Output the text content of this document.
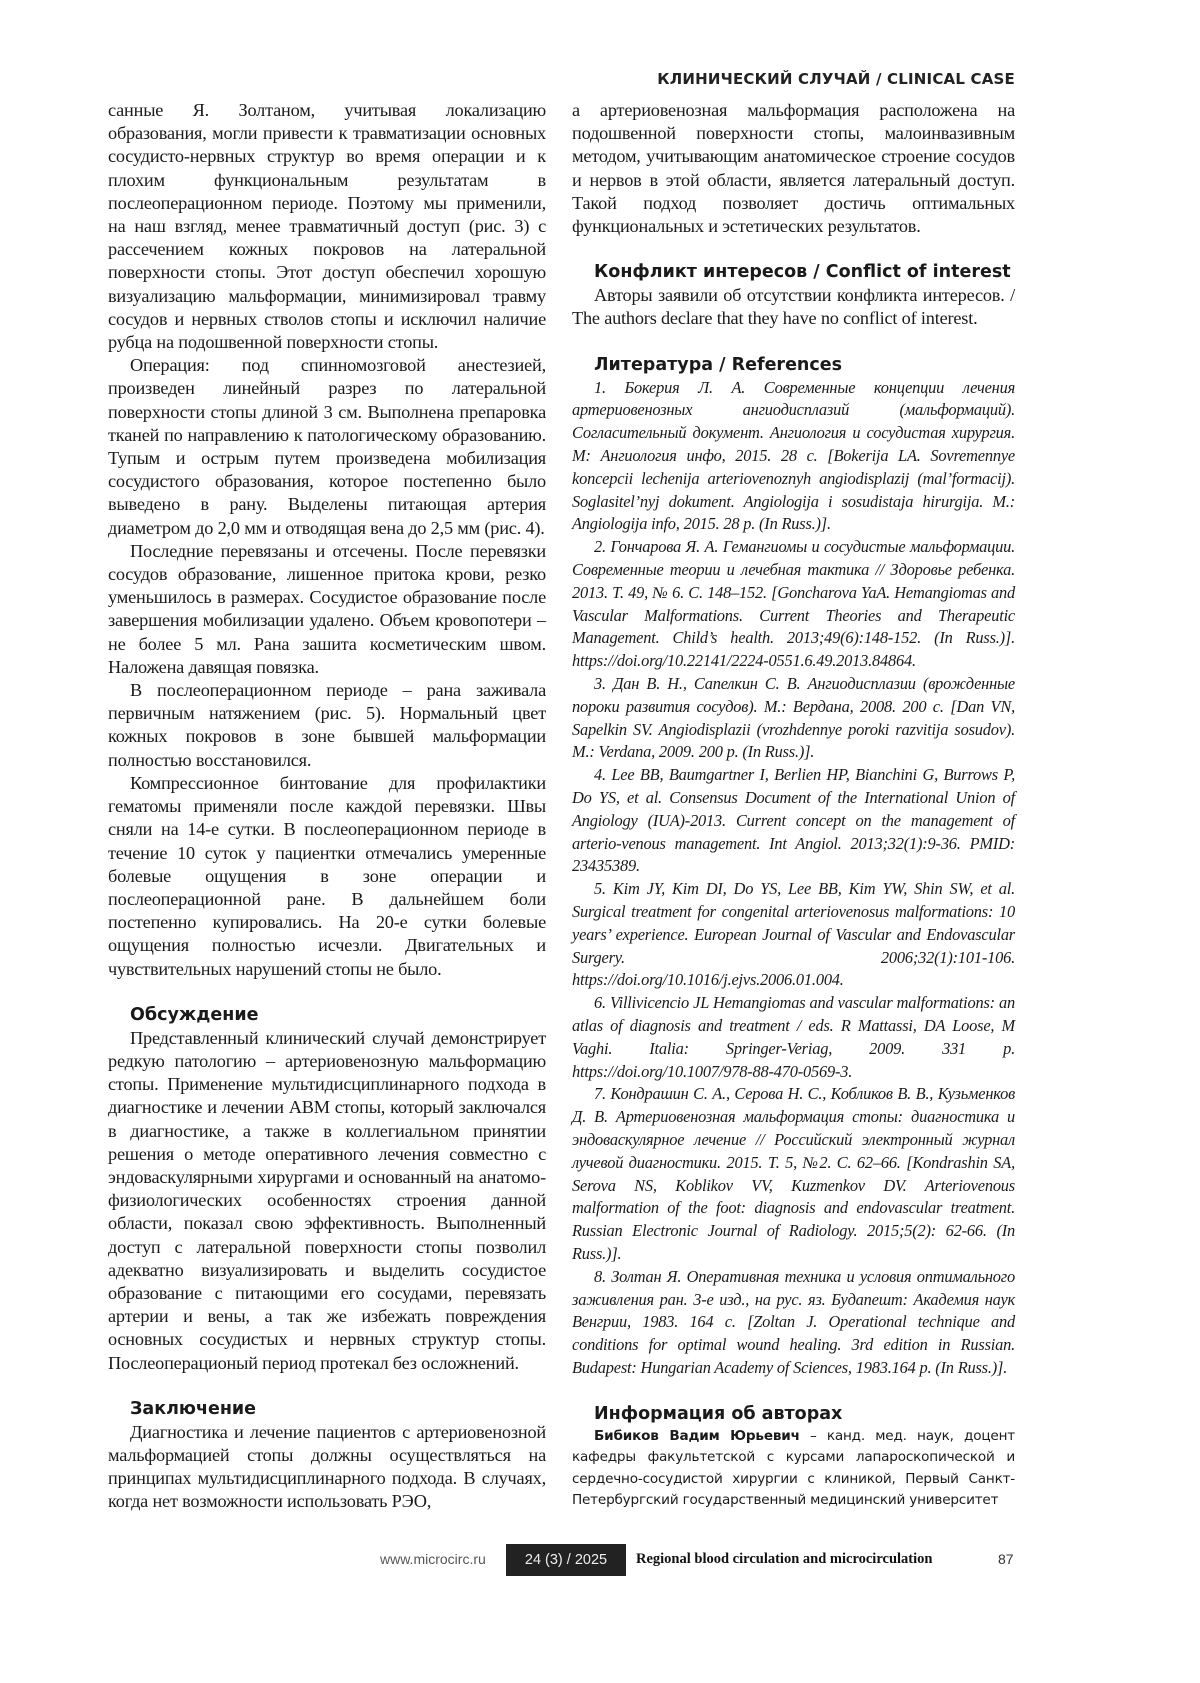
КЛИНИЧЕСКИЙ СЛУЧАЙ / CLINICAL CASE

санные Я. Золтаном, учитывая локализацию образования, могли привести к травматизации основных сосудисто-нервных структур во время операции и к плохим функциональным результатам в послеоперационном периоде. Поэтому мы применили, на наш взгляд, менее травматичный доступ (рис. 3) с рассечением кожных покровов на латеральной поверхности стопы. Этот доступ обеспечил хорошую визуализацию мальформации, минимизировал травму сосудов и нервных стволов стопы и исключил наличие рубца на подошвенной поверхности стопы.

Операция: под спинномозговой анестезией, произведен линейный разрез по латеральной поверхности стопы длиной 3 см. Выполнена препаровка тканей по направлению к патологическому образованию. Тупым и острым путем произведена мобилизация сосудистого образования, которое постепенно было выведено в рану. Выделены питающая артерия диаметром до 2,0 мм и отводящая вена до 2,5 мм (рис. 4).

Последние перевязаны и отсечены. После перевязки сосудов образование, лишенное притока крови, резко уменьшилось в размерах. Сосудистое образование после завершения мобилизации удалено. Объем кровопотери – не более 5 мл. Рана зашита косметическим швом. Наложена давящая повязка.

В послеоперационном периоде – рана заживала первичным натяжением (рис. 5). Нормальный цвет кожных покровов в зоне бывшей мальформации полностью восстановился.

Компрессионное бинтование для профилактики гематомы применяли после каждой перевязки. Швы сняли на 14-е сутки. В послеоперационном периоде в течение 10 суток у пациентки отмечались умеренные болевые ощущения в зоне операции и послеоперационной ране. В дальнейшем боли постепенно купировались. На 20-е сутки болевые ощущения полностью исчезли. Двигательных и чувствительных нарушений стопы не было.

Обсуждение

Представленный клинический случай демонстрирует редкую патологию – артериовенозную мальформацию стопы. Применение мультидисциплинарного подхода в диагностике и лечении АВМ стопы, который заключался в диагностике, а также в коллегиальном принятии решения о методе оперативного лечения совместно с эндоваскулярными хирургами и основанный на анатомо-физиологических особенностях строения данной области, показал свою эффективность. Выполненный доступ с латеральной поверхности стопы позволил адекватно визуализировать и выделить сосудистое образование с питающими его сосудами, перевязать артерии и вены, а так же избежать повреждения основных сосудистых и нервных структур стопы. Послеоперационый период протекал без осложнений.

Заключение

Диагностика и лечение пациентов с артериовенозной мальформацией стопы должны осуществляться на принципах мультидисциплинарного подхода. В случаях, когда нет возможности использовать РЭО,

а артериовенозная мальформация расположена на подошвенной поверхности стопы, малоинвазивным методом, учитывающим анатомическое строение сосудов и нервов в этой области, является латеральный доступ. Такой подход позволяет достичь оптимальных функциональных и эстетических результатов.

Конфликт интересов / Conflict of interest

Авторы заявили об отсутствии конфликта интересов. / The authors declare that they have no conflict of interest.

Литература / References

1. Бокерия Л. А. Современные концепции лечения артериовенозных ангиодисплазий (мальформаций). Согласительный документ. Ангиология и сосудистая хирургия. М: Ангиология инфо, 2015. 28 с. [Bokerija LA. Sovremennye koncepcii lechenija arteriovenoznyh angiodisplazij (mal’formacij). Soglasitel’nyj dokument. Angiologija i sosudistaja hirurgija. M.: Angiologija info, 2015. 28 p. (In Russ.)].

2. Гончарова Я. А. Гемангиомы и сосудистые мальформации. Современные теории и лечебная тактика // Здоровье ребенка. 2013. Т. 49, № 6. С. 148–152. [Goncharova YaA. Hemangiomas and Vascular Malformations. Current Theories and Therapeutic Management. Child’s health. 2013;49(6):148-152. (In Russ.)]. https://doi.org/10.22141/2224-0551.6.49.2013.84864.

3. Дан В. Н., Сапелкин С. В. Ангиодисплазии (врожденные пороки развития сосудов). М.: Вердана, 2008. 200 с. [Dan VN, Sapelkin SV. Angiodisplazii (vrozhdennye poroki razvitija sosudov). M.: Verdana, 2009. 200 p. (In Russ.)].

4. Lee BB, Baumgartner I, Berlien HP, Bianchini G, Burrows P, Do YS, et al. Consensus Document of the International Union of Angiology (IUA)-2013. Current concept on the management of arterio-venous management. Int Angiol. 2013;32(1):9-36. PMID: 23435389.

5. Kim JY, Kim DI, Do YS, Lee BB, Kim YW, Shin SW, et al. Surgical treatment for congenital arteriovenosus malformations: 10 years’ experience. European Journal of Vascular and Endovascular Surgery. 2006;32(1):101-106. https://doi.org/10.1016/j.ejvs.2006.01.004.

6. Villivicencio JL Hemangiomas and vascular malformations: an atlas of diagnosis and treatment / eds. R Mattassi, DA Loose, M Vaghi. Italia: Springer-Veriag, 2009. 331 p. https://doi.org/10.1007/978-88-470-0569-3.

7. Кондрашин С. А., Серова Н. С., Кобликов В. В., Кузьменков Д. В. Артериовенозная мальформация стопы: диагностика и эндоваскулярное лечение // Российский электронный журнал лучевой диагностики. 2015. Т. 5, №2. С. 62–66. [Kondrashin SA, Serova NS, Koblikov VV, Kuzmenkov DV. Arteriovenous malformation of the foot: diagnosis and endovascular treatment. Russian Electronic Journal of Radiology. 2015;5(2): 62-66. (In Russ.)].

8. Золтан Я. Оперативная техника и условия оптимального заживления ран. 3-е изд., на рус. яз. Будапешт: Академия наук Венгрии, 1983. 164 с. [Zoltan J. Operational technique and conditions for optimal wound healing. 3rd edition in Russian. Budapest: Hungarian Academy of Sciences, 1983.164 p. (In Russ.)].

Информация об авторах

Бибиков Вадим Юрьевич – канд. мед. наук, доцент кафедры факультетской с курсами лапароскопической и сердечно-сосудистой хирургии с клиникой, Первый Санкт-Петербургский государственный медицинский университет

www.microcirc.ru	24 (3) / 2025	Regional blood circulation and microcirculation	87
